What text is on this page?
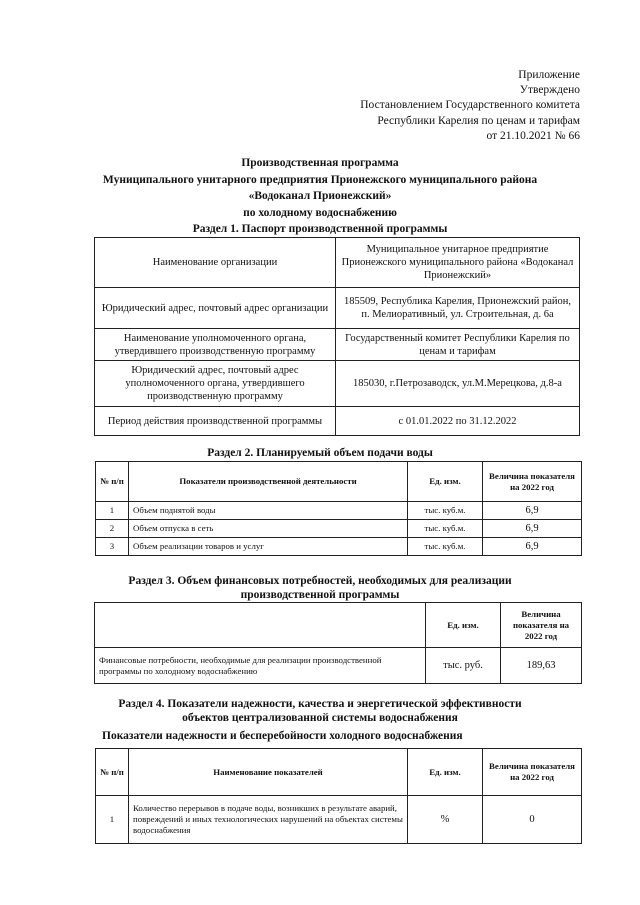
Приложение
Утверждено
Постановлением Государственного комитета
Республики Карелия по ценам и тарифам
от 21.10.2021 № 66
Производственная программа
Муниципального унитарного предприятия Прионежского муниципального района
«Водоканал Прионежский»
по холодному водоснабжению
Раздел 1. Паспорт производственной программы
Наименование организации	Муниципальное унитарное предприятие Прионежского муниципального района «Водоканал Прионежский»
Юридический адрес, почтовый адрес организации	185509, Республика Карелия, Прионежский район, п. Мелиоративный, ул. Строительная, д. 6а
Наименование уполномоченного органа, утвердившего производственную программу	Государственный комитет Республики Карелия по ценам и тарифам
Юридический адрес, почтовый адрес уполномоченного органа, утвердившего производственную программу	185030, г.Петрозаводск, ул.М.Мерецкова, д.8-а
Период действия производственной программы	с 01.01.2022 по 31.12.2022
Раздел 2. Планируемый объем подачи воды
№ п/п	Показатели производственной деятельности	Ед. изм.	Величина показателя на 2022 год
1	Объем поднятой воды	тыс. куб.м.	6,9
2	Объем отпуска в сеть	тыс. куб.м.	6,9
3	Объем реализации товаров и услуг	тыс. куб.м.	6,9
Раздел 3. Объем финансовых потребностей, необходимых для реализации
производственной программы
	Ед. изм.	Величина показателя на 2022 год
Финансовые потребности, необходимые для реализации производственной программы по холодному водоснабжению	тыс. руб.	189,63
Раздел 4. Показатели надежности, качества и энергетической эффективности
объектов централизованной системы водоснабжения
Показатели надежности и бесперебойности холодного водоснабжения
№ п/п	Наименование показателей	Ед. изм.	Величина показателя на 2022 год
1	Количество перерывов в подаче воды, возникших в результате аварий, повреждений и иных технологических нарушений на объектах системы водоснабжения	%	0
